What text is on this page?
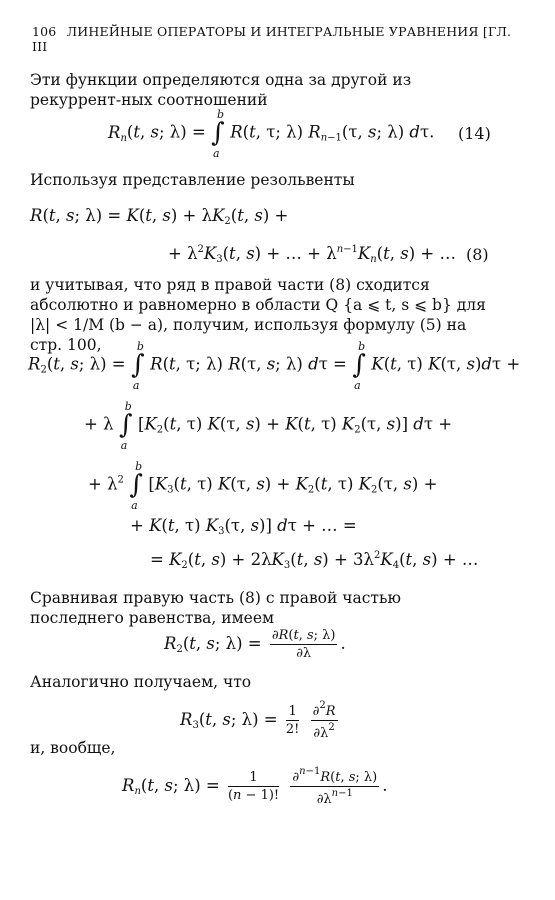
106 ЛИНЕЙНЫЕ ОПЕРАТОРЫ И ИНТЕГРАЛЬНЫЕ УРАВНЕНИЯ [ГЛ. III
Эти функции определяются одна за другой из рекуррент-ных соотношений
$R_n(t$, s; λ) =
b
∫
a
R(t, τ; λ) $R_{n-1}(\tau$, s; λ) dτ. (14)
Используя представление резольвенты
R(t, s; λ) = K(t, $s) + \lambda K_2(t$, s) +
+ $\lambda^2K_3(t$, s) + … + $\lambda^{n-1}K_n(t$, s) + … (8)
и учитывая, что ряд в правой части (8) сходится абсолютно и равномерно в области Q {a ⩽ t, s ⩽ b} для |λ| < 1/M (b − a), получим, используя формулу (5) на стр. 100,
$R_2(t$, s; λ) =
b
∫
a
R(t, τ; λ) R(τ, s; λ) dτ =
b
∫
a
K(t, τ) K(τ, s)dτ +
+ λ
b
∫
a
[$K_2(t$, τ) K(τ, s) + K(t, τ) $K_2(\tau$, s)] dτ +
+ $\lambda^2$
b
∫
a
[$K_3(t$, τ) K(τ, $s) + K_2(t$, τ) $K_2(\tau$, s) +
+ K(t, τ) $K_3(\tau$, s)] dτ + … =
= $K_2(t$, $s) + 2\lambda K_3(t$, $s) + 3\lambda^2K_4(t$, s) + …
Сравнивая правую часть (8) с правой частью последнего равенства, имеем
$R_2(t$, s; $\lambda) = \frac{\partial R(t, s; \lambda)}{\partial\lambda}$ .
Аналогично получаем, что
$R_3(t$, s; $\lambda) = \frac{1}{2!}$
$\frac{\partial^2R}{\partial\lambda^2}$
и, вообще,
$R_n(t$, s; $\lambda) = \frac{1}{(n - 1)!}$
$\frac{\partial^{n-1}R(t, s; \lambda)}{\partial\lambda^{n-1}}$ .
